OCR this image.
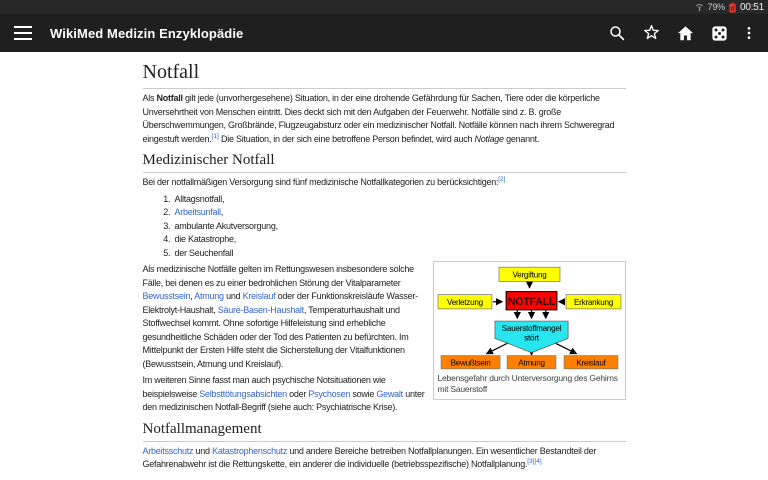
79% 00:51
WikiMed Medizin Enzyklopädie
Notfall

Als Notfall gilt jede (unvorhergesehene) Situation, in der eine drohende Gefährdung für Sachen, Tiere oder die körperliche Unversehrtheit von Menschen eintritt. Dies deckt sich mit den Aufgaben der Feuerwehr. Notfälle sind z. B. große Überschwemmungen, Großbrände, Flugzeugabsturz oder ein medizinischer Notfall. Notfälle können nach ihrem Schweregrad eingestuft werden.[1] Die Situation, in der sich eine betroffene Person befindet, wird auch Notlage genannt.

Medizinischer Notfall

Bei der notfallmäßigen Versorgung sind fünf medizinische Notfallkategorien zu berücksichtigen:[2]

1. Alltagsnotfall,
2. Arbeitsunfall,
3. ambulante Akutversorgung,
4. die Katastrophe,
5. der Seuchenfall
Vergiftung
Verletzung	Erkrankung
NOTFALL
Sauerstoffmangel
stört
Bewußtsein	Atmung	Kreislauf
Lebensgefahr durch Unterversorgung des Gehirns mit Sauerstoff

Als medizinische Notfälle gelten im Rettungswesen insbesondere solche Fälle, bei denen es zu einer bedrohlichen Störung der Vitalparameter Bewusstsein, Atmung und Kreislauf oder der Funktionskreisläufe Wasser-Elektrolyt-Haushalt, Säure-Basen-Haushalt, Temperaturhaushalt und Stoffwechsel kommt. Ohne sofortige Hilfeleistung sind erhebliche gesundheitliche Schäden oder der Tod des Patienten zu befürchten. Im Mittelpunkt der Ersten Hilfe steht die Sicherstellung der Vitalfunktionen (Bewusstsein, Atmung und Kreislauf).

Im weiteren Sinne fasst man auch psychische Notsituationen wie beispielsweise Selbsttötungsabsichten oder Psychosen sowie Gewalt unter den medizinischen Notfall-Begriff (siehe auch: Psychiatrische Krise).

Notfallmanagement

Arbeitsschutz und Katastrophenschutz und andere Bereiche betreiben Notfallplanungen. Ein wesentlicher Bestandteil der Gefahrenabwehr ist die Rettungskette, ein anderer die individuelle (betriebsspezifische) Notfallplanung.[3][4]
